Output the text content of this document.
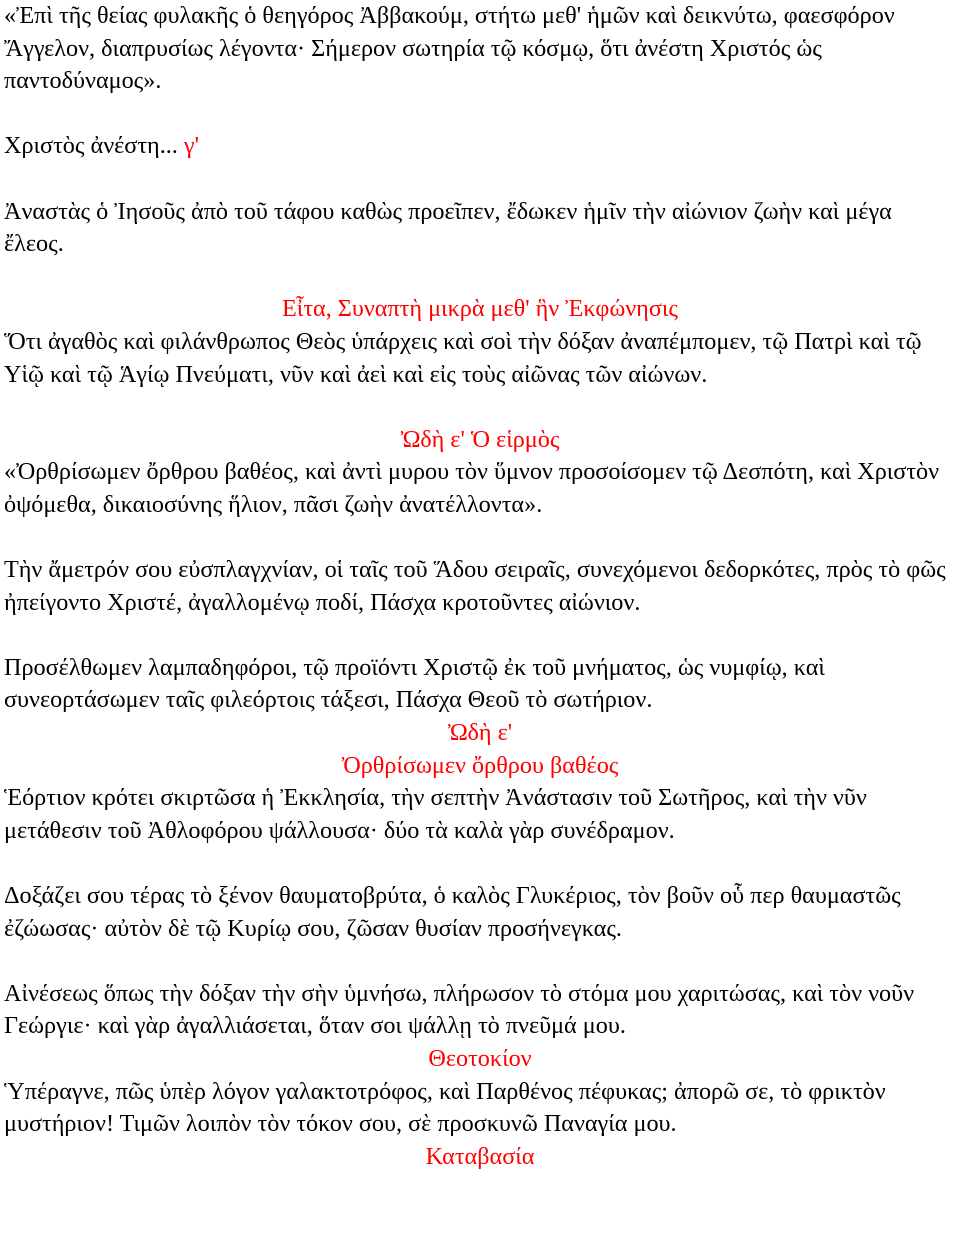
«Ἐπὶ τῆς θείας φυλακῆς ὁ θεηγόρος Ἀββακούμ, στήτω μεθ' ἡμῶν καὶ δεικνύτω, φαεσφόρον Ἄγγελον, διαπρυσίως λέγοντα· Σήμερον σωτηρία τῷ κόσμῳ, ὅτι ἀνέστη Χριστός ὡς παντοδύναμος».

Χριστὸς ἀνέστη... γ'

Ἀναστὰς ὁ Ἰησοῦς ἀπὸ τοῦ τάφου καθὼς προεῖπεν, ἔδωκεν ἡμῖν τὴν αἰώνιον ζωὴν καὶ μέγα ἔλεος.

Εἶτα, Συναπτὴ μικρὰ μεθ' ἣν Ἐκφώνησις

Ὅτι ἀγαθὸς καὶ φιλάνθρωπος Θεὸς ὑπάρχεις καὶ σοὶ τὴν δόξαν ἀναπέμπομεν, τῷ Πατρὶ καὶ τῷ Υἱῷ καὶ τῷ Ἁγίῳ Πνεύματι, νῦν καὶ ἀεὶ καὶ εἰς τοὺς αἰῶνας τῶν αἰώνων.

Ὠδὴ ε' Ὁ εἱρμὸς

«Ὀρθρίσωμεν ὄρθρου βαθέος, καὶ ἀντὶ μυρου τὸν ὕμνον προσοίσομεν τῷ Δεσπότη, καὶ Χριστὸν ὀψόμεθα, δικαιοσύνης ἥλιον, πᾶσι ζωὴν ἀνατέλλοντα».

Τὴν ἄμετρόν σου εὐσπλαγχνίαν, οἱ ταῖς τοῦ Ἅδου σειραῖς, συνεχόμενοι δεδορκότες, πρὸς τὸ φῶς ἠπείγοντο Χριστέ, ἀγαλλομένῳ ποδί, Πάσχα κροτοῦντες αἰώνιον.

Προσέλθωμεν λαμπαδηφόροι, τῷ προϊόντι Χριστῷ ἐκ τοῦ μνήματος, ὡς νυμφίῳ, καὶ συνεορτάσωμεν ταῖς φιλεόρτοις τάξεσι, Πάσχα Θεοῦ τὸ σωτήριον.

Ὠδὴ ε'

Ὀρθρίσωμεν ὄρθρου βαθέος

Ἑόρτιον κρότει σκιρτῶσα ἡ Ἐκκλησία, τὴν σεπτὴν Ἀνάστασιν τοῦ Σωτῆρος, καὶ τὴν νῦν μετάθεσιν τοῦ Ἀθλοφόρου ψάλλουσα· δύο τὰ καλὰ γὰρ συνέδραμον.

Δοξάζει σου τέρας τὸ ξένον θαυματοβρύτα, ὁ καλὸς Γλυκέριος, τὸν βοῦν οὗ περ θαυμαστῶς ἐζώωσας· αὐτὸν δὲ τῷ Κυρίῳ σου, ζῶσαν θυσίαν προσήνεγκας.

Αἰνέσεως ὅπως τὴν δόξαν τὴν σὴν ὑμνήσω, πλήρωσον τὸ στόμα μου χαριτώσας, καὶ τὸν νοῦν Γεώργιε· καὶ γὰρ ἀγαλλιάσεται, ὅταν σοι ψάλλῃ τὸ πνεῦμά μου.

Θεοτοκίον

Ὑπέραγνε, πῶς ὑπὲρ λόγον γαλακτοτρόφος, καὶ Παρθένος πέφυκας; ἀπορῶ σε, τὸ φρικτὸν μυστήριον! Τιμῶν λοιπὸν τὸν τόκον σου, σὲ προσκυνῶ Παναγία μου.

Καταβασία
